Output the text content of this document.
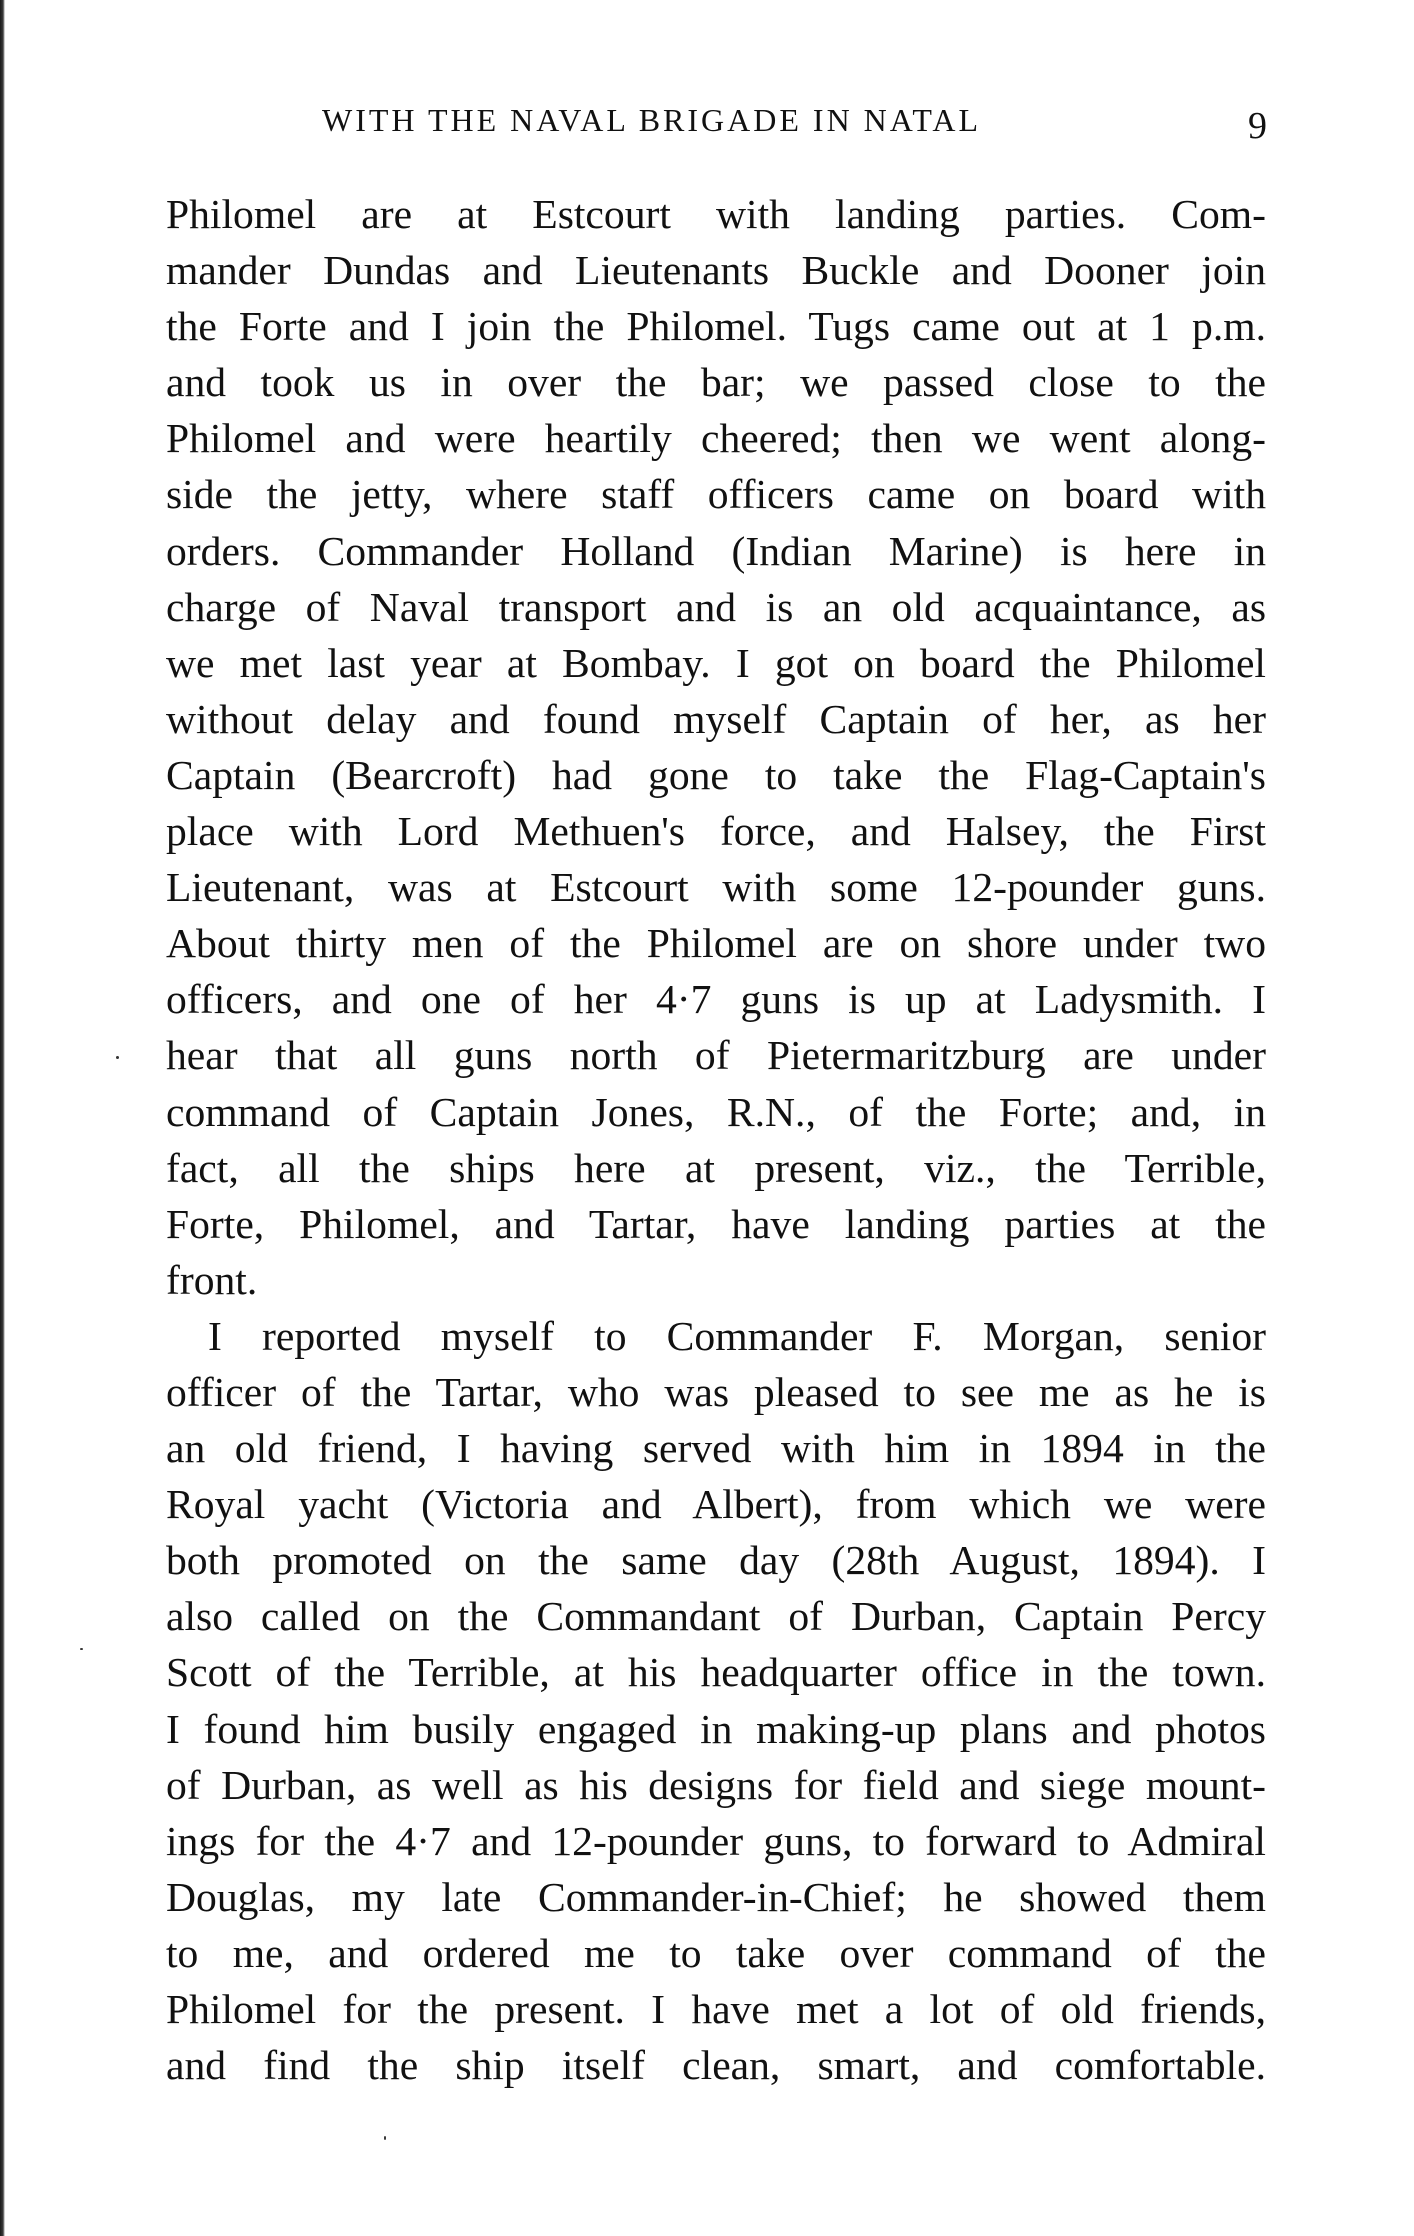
WITH THE NAVAL BRIGADE IN NATAL	9
Philomel are at Estcourt with landing parties. Com-
mander Dundas and Lieutenants Buckle and Dooner join
the Forte and I join the Philomel. Tugs came out at 1 p.m.
and took us in over the bar; we passed close to the
Philomel and were heartily cheered; then we went along-
side the jetty, where staff officers came on board with
orders. Commander Holland (Indian Marine) is here in
charge of Naval transport and is an old acquaintance, as
we met last year at Bombay. I got on board the Philomel
without delay and found myself Captain of her, as her
Captain (Bearcroft) had gone to take the Flag-Captain's
place with Lord Methuen's force, and Halsey, the First
Lieutenant, was at Estcourt with some 12-pounder guns.
About thirty men of the Philomel are on shore under two
officers, and one of her 4·7 guns is up at Ladysmith. I
hear that all guns north of Pietermaritzburg are under
command of Captain Jones, R.N., of the Forte; and, in
fact, all the ships here at present, viz., the Terrible,
Forte, Philomel, and Tartar, have landing parties at the
front.
I reported myself to Commander F. Morgan, senior
officer of the Tartar, who was pleased to see me as he is
an old friend, I having served with him in 1894 in the
Royal yacht (Victoria and Albert), from which we were
both promoted on the same day (28th August, 1894). I
also called on the Commandant of Durban, Captain Percy
Scott of the Terrible, at his headquarter office in the town.
I found him busily engaged in making-up plans and photos
of Durban, as well as his designs for field and siege mount-
ings for the 4·7 and 12-pounder guns, to forward to Admiral
Douglas, my late Commander-in-Chief; he showed them
to me, and ordered me to take over command of the
Philomel for the present. I have met a lot of old friends,
and find the ship itself clean, smart, and comfortable.
